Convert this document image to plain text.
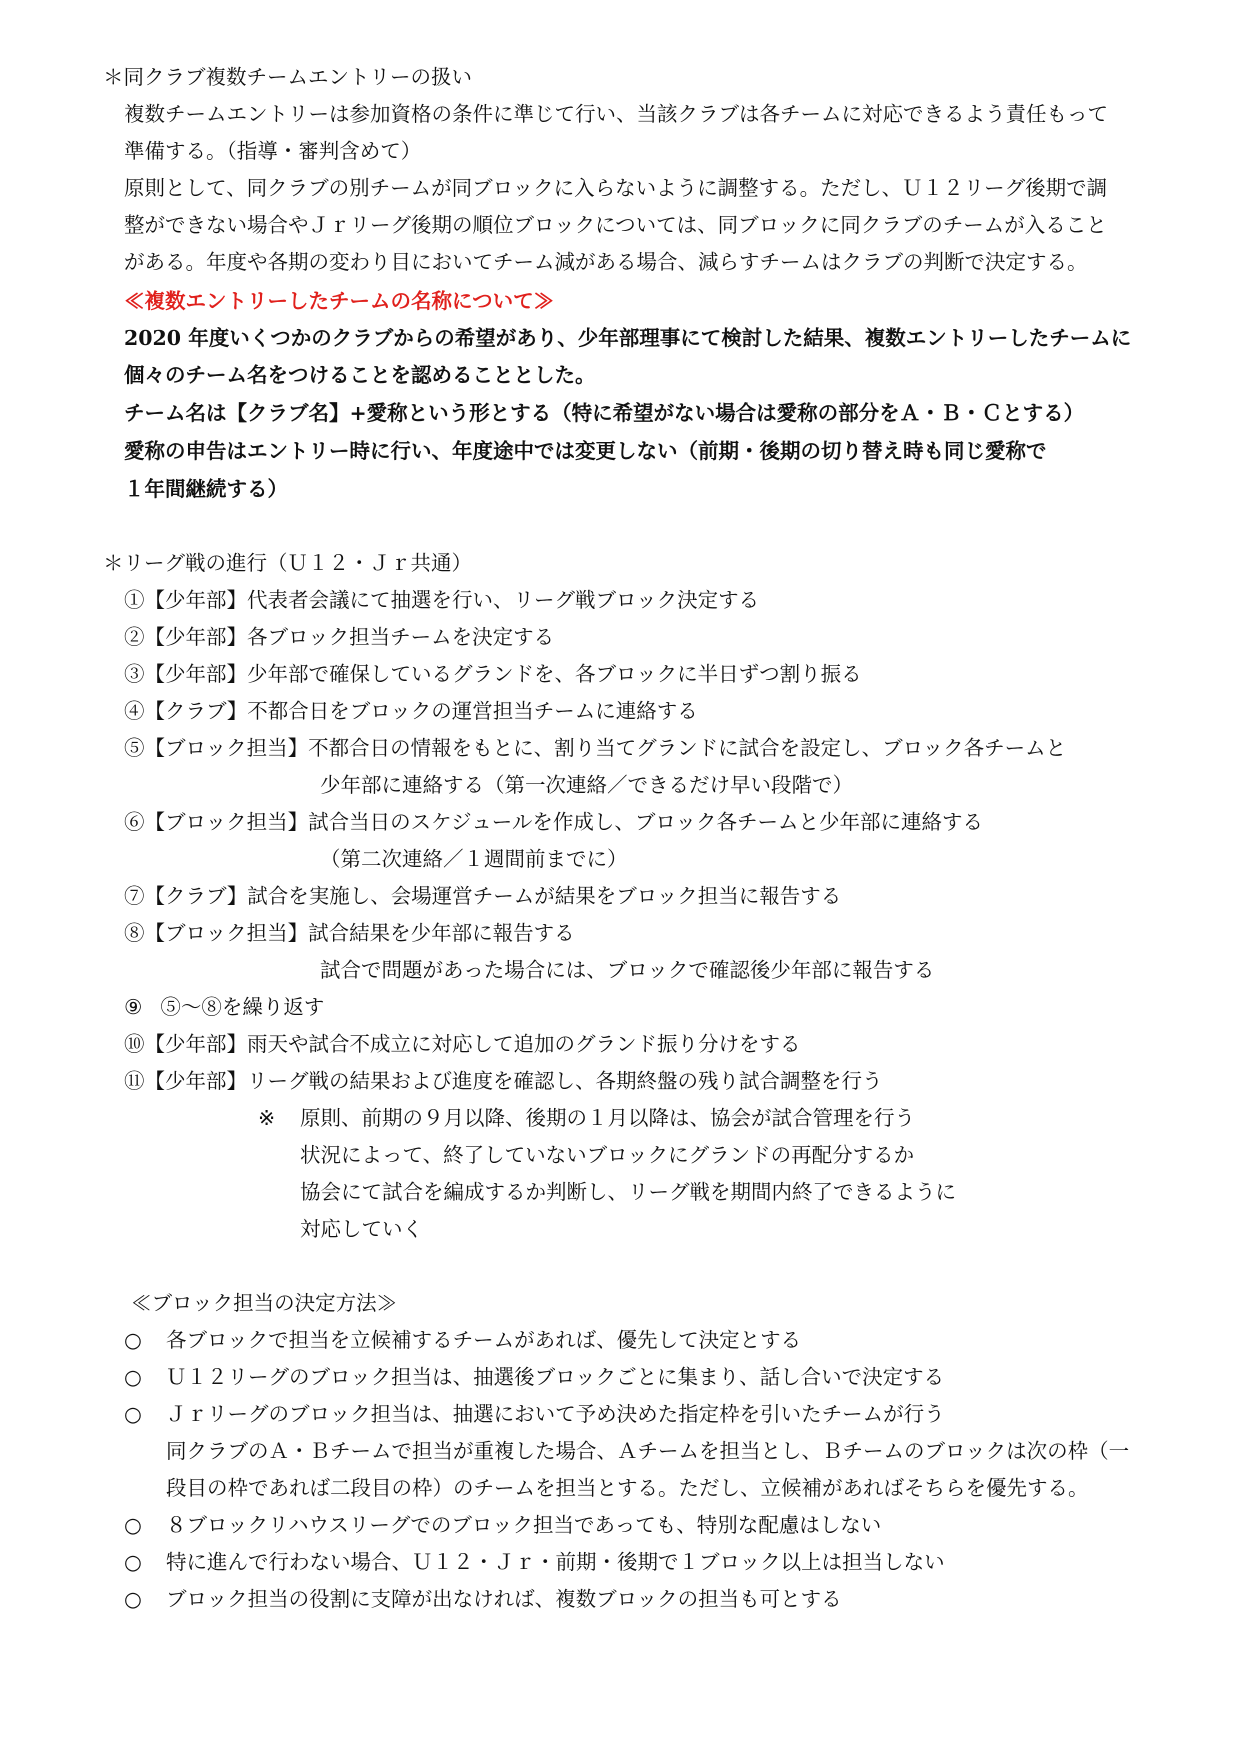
＊同クラブ複数チームエントリーの扱い
複数チームエントリーは参加資格の条件に準じて行い、当該クラブは各チームに対応できるよう責任もって
準備する。（指導・審判含めて）
原則として、同クラブの別チームが同ブロックに入らないように調整する。ただし、Ｕ１２リーグ後期で調
整ができない場合やＪｒリーグ後期の順位ブロックについては、同ブロックに同クラブのチームが入ること
がある。年度や各期の変わり目においてチーム減がある場合、減らすチームはクラブの判断で決定する。
≪複数エントリーしたチームの名称について≫
2020 年度いくつかのクラブからの希望があり、少年部理事にて検討した結果、複数エントリーしたチームに
個々のチーム名をつけることを認めることとした。
チーム名は【クラブ名】+愛称という形とする（特に希望がない場合は愛称の部分をＡ・Ｂ・Ｃとする）
愛称の申告はエントリー時に行い、年度途中では変更しない（前期・後期の切り替え時も同じ愛称で
１年間継続する）
＊リーグ戦の進行（Ｕ１２・Ｊｒ共通）
①【少年部】代表者会議にて抽選を行い、リーグ戦ブロック決定する
②【少年部】各ブロック担当チームを決定する
③【少年部】少年部で確保しているグランドを、各ブロックに半日ずつ割り振る
④【クラブ】不都合日をブロックの運営担当チームに連絡する
⑤【ブロック担当】不都合日の情報をもとに、割り当てグランドに試合を設定し、ブロック各チームと
少年部に連絡する（第一次連絡／できるだけ早い段階で）
⑥【ブロック担当】試合当日のスケジュールを作成し、ブロック各チームと少年部に連絡する
（第二次連絡／１週間前までに）
⑦【クラブ】試合を実施し、会場運営チームが結果をブロック担当に報告する
⑧【ブロック担当】試合結果を少年部に報告する
試合で問題があった場合には、ブロックで確認後少年部に報告する
⑨ ⑤〜⑧を繰り返す
⑩【少年部】雨天や試合不成立に対応して追加のグランド振り分けをする
⑪【少年部】リーグ戦の結果および進度を確認し、各期終盤の残り試合調整を行う
※ 原則、前期の９月以降、後期の１月以降は、協会が試合管理を行う
状況によって、終了していないブロックにグランドの再配分するか
協会にて試合を編成するか判断し、リーグ戦を期間内終了できるように
対応していく
≪ブロック担当の決定方法≫
○ 各ブロックで担当を立候補するチームがあれば、優先して決定とする
○ Ｕ１２リーグのブロック担当は、抽選後ブロックごとに集まり、話し合いで決定する
○ Ｊｒリーグのブロック担当は、抽選において予め決めた指定枠を引いたチームが行う
同クラブのＡ・Ｂチームで担当が重複した場合、Ａチームを担当とし、Ｂチームのブロックは次の枠（一
段目の枠であれば二段目の枠）のチームを担当とする。ただし、立候補があればそちらを優先する。
○ ８ブロックリハウスリーグでのブロック担当であっても、特別な配慮はしない
○ 特に進んで行わない場合、Ｕ１２・Ｊｒ・前期・後期で１ブロック以上は担当しない
○ ブロック担当の役割に支障が出なければ、複数ブロックの担当も可とする
